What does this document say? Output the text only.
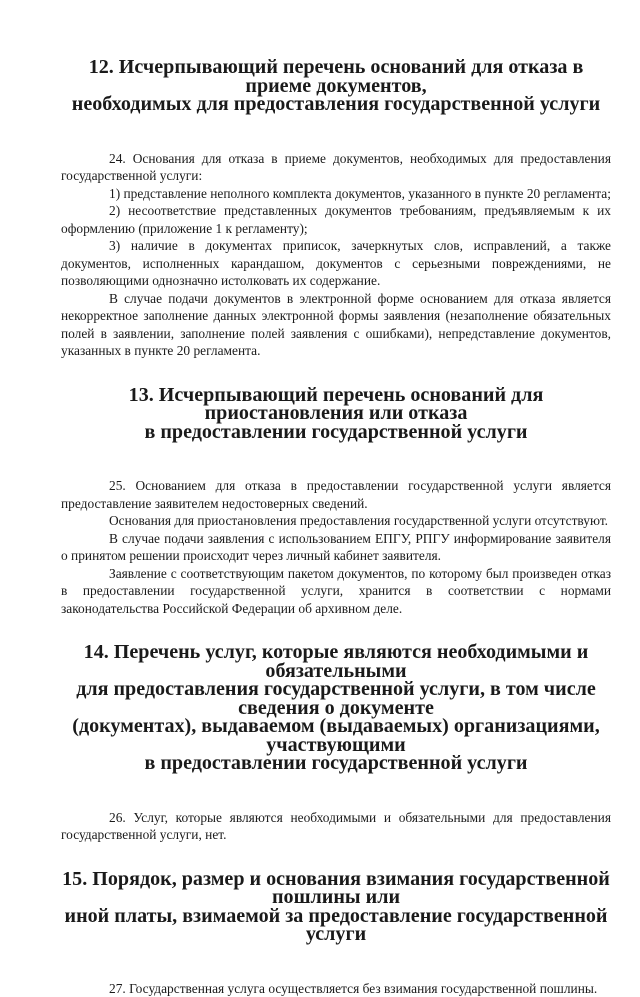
12. Исчерпывающий перечень оснований для отказа в приеме документов,
необходимых для предоставления государственной услуги

24. Основания для отказа в приеме документов, необходимых для предоставления государственной услуги:

1) представление неполного комплекта документов, указанного в пункте 20 регламента;

2) несоответствие представленных документов требованиям, предъявляемым к их оформлению (приложение 1 к регламенту);

3) наличие в документах приписок, зачеркнутых слов, исправлений, а также документов, исполненных карандашом, документов с серьезными повреждениями, не позволяющими однозначно истолковать их содержание.

В случае подачи документов в электронной форме основанием для отказа является некорректное заполнение данных электронной формы заявления (незаполнение обязательных полей в заявлении, заполнение полей заявления с ошибками), непредставление документов, указанных в пункте 20 регламента.

13. Исчерпывающий перечень оснований для приостановления или отказа
в предоставлении государственной услуги

25. Основанием для отказа в предоставлении государственной услуги является предоставление заявителем недостоверных сведений.

Основания для приостановления предоставления государственной услуги отсутствуют.

В случае подачи заявления с использованием ЕПГУ, РПГУ информирование заявителя о принятом решении происходит через личный кабинет заявителя.

Заявление с соответствующим пакетом документов, по которому был произведен отказ в предоставлении государственной услуги, хранится в соответствии с нормами законодательства Российской Федерации об архивном деле.

14. Перечень услуг, которые являются необходимыми и обязательными
для предоставления государственной услуги, в том числе сведения о документе
(документах), выдаваемом (выдаваемых) организациями, участвующими
в предоставлении государственной услуги

26. Услуг, которые являются необходимыми и обязательными для предоставления государственной услуги, нет.

15. Порядок, размер и основания взимания государственной пошлины или
иной платы, взимаемой за предоставление государственной услуги

27. Государственная услуга осуществляется без взимания государственной пошлины.
